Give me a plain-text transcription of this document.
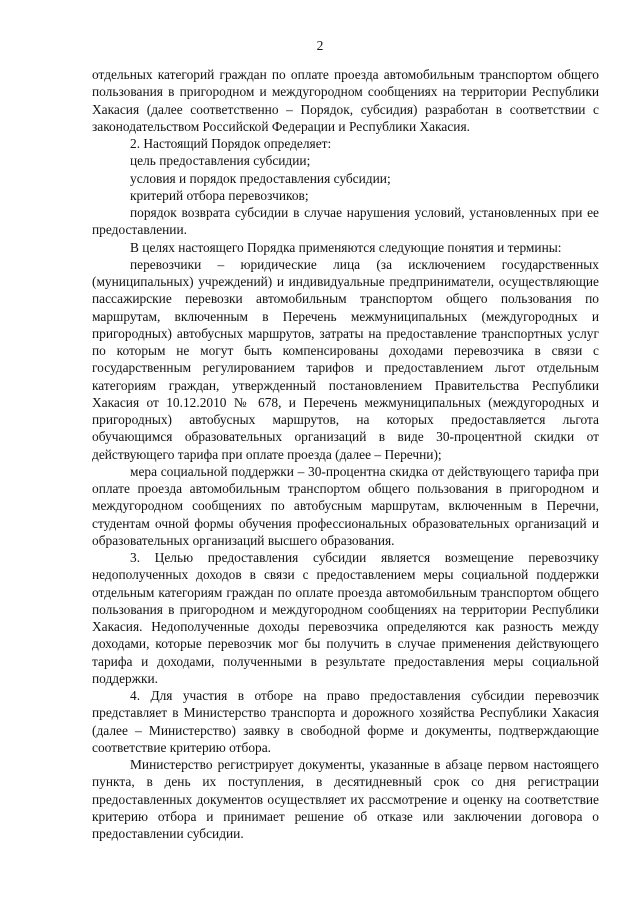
2

отдельных категорий граждан по оплате проезда автомобильным транспортом общего пользования в пригородном и междугородном сообщениях на территории Республики Хакасия (далее соответственно – Порядок, субсидия) разработан в соответствии с законодательством Российской Федерации и Республики Хакасия.

2. Настоящий Порядок определяет:

цель предоставления субсидии;

условия и порядок предоставления субсидии;

критерий отбора перевозчиков;

порядок возврата субсидии в случае нарушения условий, установленных при ее предоставлении.

В целях настоящего Порядка применяются следующие понятия и термины:

перевозчики – юридические лица (за исключением государственных (муниципальных) учреждений) и индивидуальные предприниматели, осуществляющие пассажирские перевозки автомобильным транспортом общего пользования по маршрутам, включенным в Перечень межмуниципальных (междугородных и пригородных) автобусных маршрутов, затраты на предоставление транспортных услуг по которым не могут быть компенсированы доходами перевозчика в связи с государственным регулированием тарифов и предоставлением льгот отдельным категориям граждан, утвержденный постановлением Правительства Республики Хакасия от 10.12.2010 № 678, и Перечень межмуниципальных (междугородных и пригородных) автобусных маршрутов, на которых предоставляется льгота обучающимся образовательных организаций в виде 30-процентной скидки от действующего тарифа при оплате проезда (далее – Перечни);

мера социальной поддержки – 30-процентна скидка от действующего тарифа при оплате проезда автомобильным транспортом общего пользования в пригородном и междугородном сообщениях по автобусным маршрутам, включенным в Перечни, студентам очной формы обучения профессиональных образовательных организаций и образовательных организаций высшего образования.

3. Целью предоставления субсидии является возмещение перевозчику недополученных доходов в связи с предоставлением меры социальной поддержки отдельным категориям граждан по оплате проезда автомобильным транспортом общего пользования в пригородном и междугородном сообщениях на территории Республики Хакасия. Недополученные доходы перевозчика определяются как разность между доходами, которые перевозчик мог бы получить в случае применения действующего тарифа и доходами, полученными в результате предоставления меры социальной поддержки.

4. Для участия в отборе на право предоставления субсидии перевозчик представляет в Министерство транспорта и дорожного хозяйства Республики Хакасия (далее – Министерство) заявку в свободной форме и документы, подтверждающие соответствие критерию отбора.

Министерство регистрирует документы, указанные в абзаце первом настоящего пункта, в день их поступления, в десятидневный срок со дня регистрации предоставленных документов осуществляет их рассмотрение и оценку на соответствие критерию отбора и принимает решение об отказе или заключении договора о предоставлении субсидии.
